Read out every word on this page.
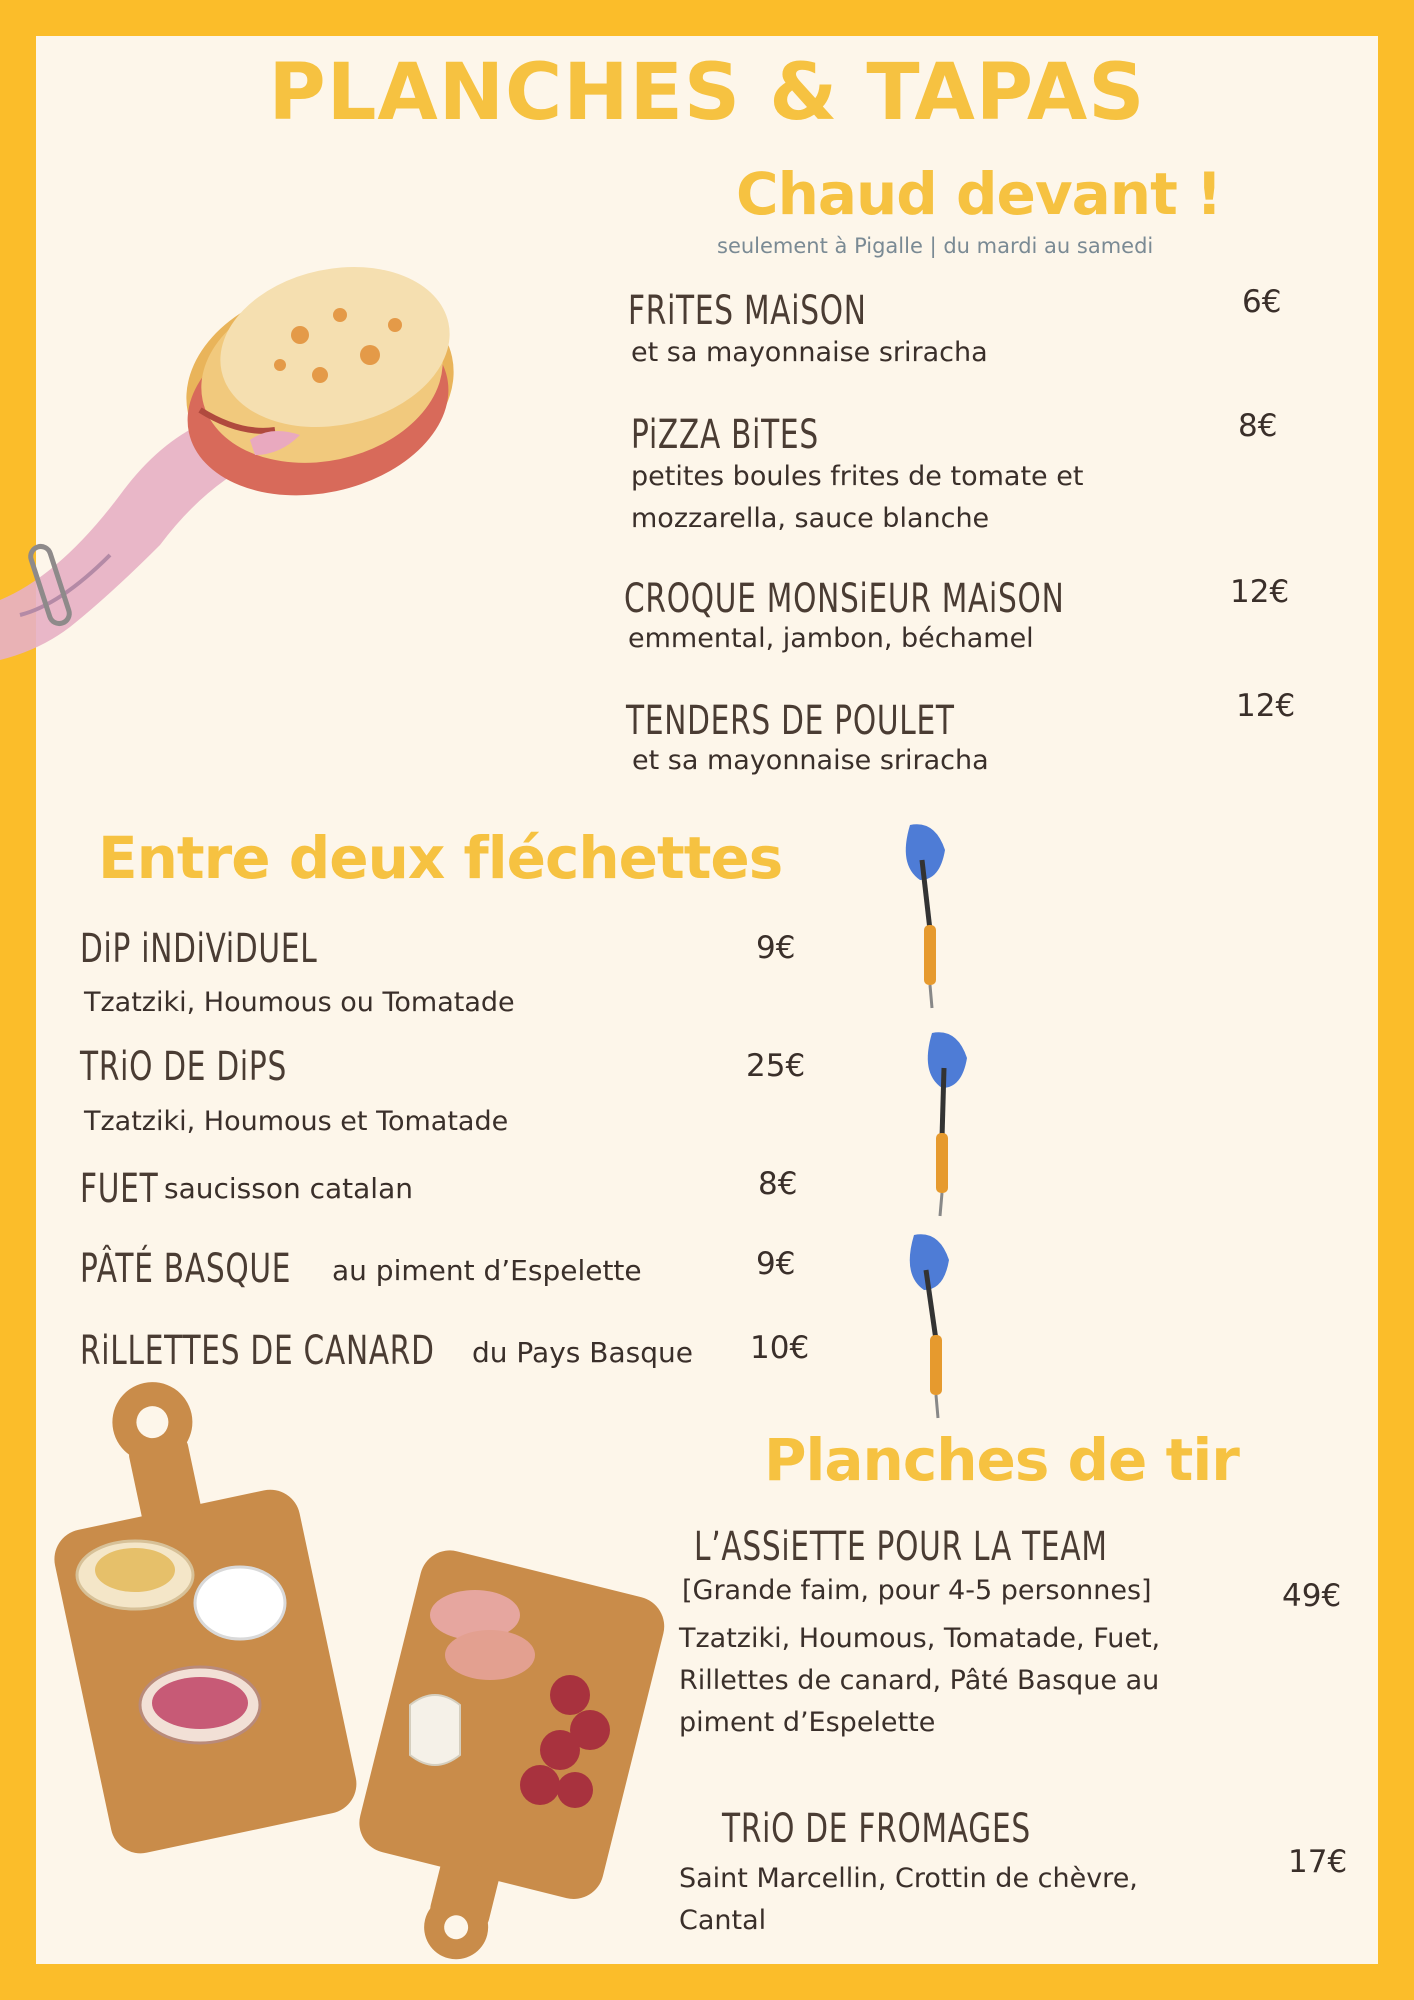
PLANCHES & TAPAS
Chaud devant !
seulement à Pigalle | du mardi au samedi
FRiTES MAiSON
et sa mayonnaise sriracha
6€
PiZZA BiTES
petites boules frites de tomate et
mozzarella, sauce blanche
8€
CROQUE MONSiEUR MAiSON
emmental, jambon, béchamel
12€
TENDERS DE POULET
et sa mayonnaise sriracha
12€
Entre deux fléchettes
DiP iNDiViDUEL
Tzatziki, Houmous ou Tomatade
9€
TRiO DE DiPS
Tzatziki, Houmous et Tomatade
25€
FUET saucisson catalan	8€
PÂTÉ BASQUE au piment d’Espelette	9€
RiLLETTES DE CANARD du Pays Basque 10€
Planches de tir
L’ASSiETTE POUR LA TEAM
[Grande faim, pour 4-5 personnes]
Tzatziki, Houmous, Tomatade, Fuet,
Rillettes de canard, Pâté Basque au
piment d’Espelette
49€
TRiO DE FROMAGES
Saint Marcellin, Crottin de chèvre,
Cantal
17€
